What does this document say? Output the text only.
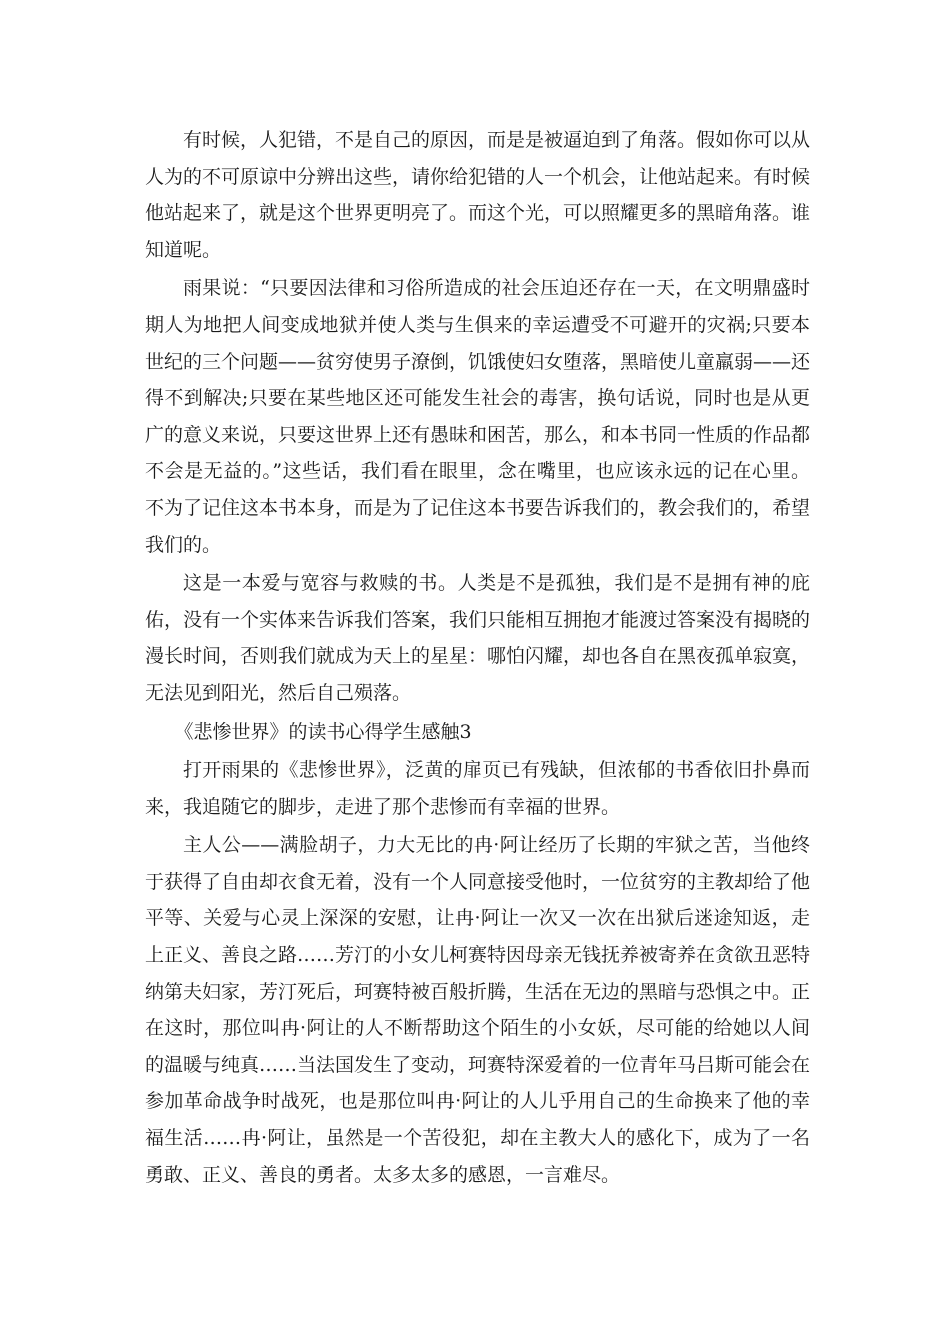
有时候，人犯错，不是自己的原因，而是是被逼迫到了角落。假如你可以从人为的不可原谅中分辨出这些，请你给犯错的人一个机会，让他站起来。有时候他站起来了，就是这个世界更明亮了。而这个光，可以照耀更多的黑暗角落。谁知道呢。

雨果说：“只要因法律和习俗所造成的社会压迫还存在一天，在文明鼎盛时期人为地把人间变成地狱并使人类与生俱来的幸运遭受不可避开的灾祸;只要本世纪的三个问题——贫穷使男子潦倒，饥饿使妇女堕落，黑暗使儿童羸弱——还得不到解决;只要在某些地区还可能发生社会的毒害，换句话说，同时也是从更广的意义来说，只要这世界上还有愚昧和困苦，那么，和本书同一性质的作品都不会是无益的。”这些话，我们看在眼里，念在嘴里，也应该永远的记在心里。不为了记住这本书本身，而是为了记住这本书要告诉我们的，教会我们的，希望我们的。

这是一本爱与宽容与救赎的书。人类是不是孤独，我们是不是拥有神的庇佑，没有一个实体来告诉我们答案，我们只能相互拥抱才能渡过答案没有揭晓的漫长时间，否则我们就成为天上的星星：哪怕闪耀，却也各自在黑夜孤单寂寞，无法见到阳光，然后自己殒落。

《悲惨世界》的读书心得学生感触3

打开雨果的《悲惨世界》，泛黄的扉页已有残缺，但浓郁的书香依旧扑鼻而来，我追随它的脚步，走进了那个悲惨而有幸福的世界。

主人公——满脸胡子，力大无比的冉·阿让经历了长期的牢狱之苦，当他终于获得了自由却衣食无着，没有一个人同意接受他时，一位贫穷的主教却给了他平等、关爱与心灵上深深的安慰，让冉·阿让一次又一次在出狱后迷途知返，走上正义、善良之路……芳汀的小女儿柯赛特因母亲无钱抚养被寄养在贪欲丑恶特纳第夫妇家，芳汀死后，珂赛特被百般折腾，生活在无边的黑暗与恐惧之中。正在这时，那位叫冉·阿让的人不断帮助这个陌生的小女妖，尽可能的给她以人间的温暖与纯真……当法国发生了变动，珂赛特深爱着的一位青年马吕斯可能会在参加革命战争时战死，也是那位叫冉·阿让的人儿乎用自己的生命换来了他的幸福生活……冉·阿让，虽然是一个苦役犯，却在主教大人的感化下，成为了一名勇敢、正义、善良的勇者。太多太多的感恩，一言难尽。
